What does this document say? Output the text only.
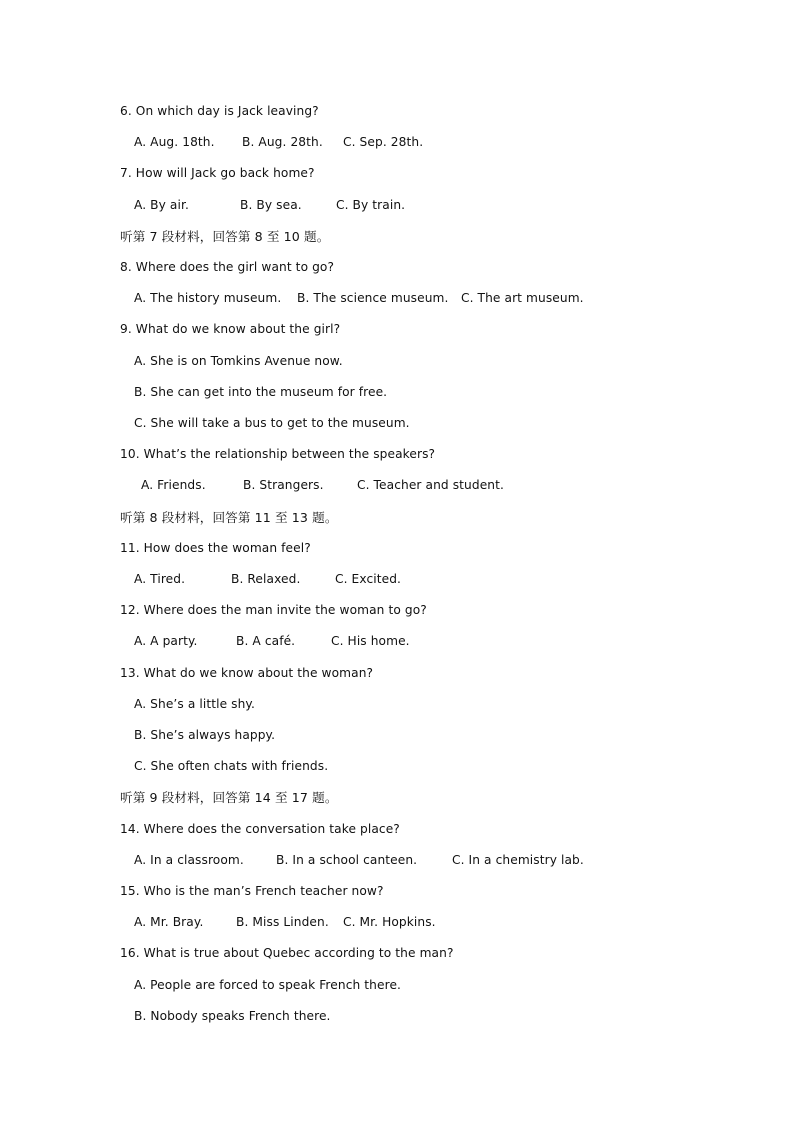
6. On which day is Jack leaving?
A. Aug. 18th. B. Aug. 28th. C. Sep. 28th.
7. How will Jack go back home?
A. By air.	B. By sea.	C. By train.
听第 7 段材料，回答第 8 至 10 题。
8. Where does the girl want to go?
A. The history museum. B. The science museum. C. The art museum.
9. What do we know about the girl?
A. She is on Tomkins Avenue now.
B. She can get into the museum for free.
C. She will take a bus to get to the museum.
10. What’s the relationship between the speakers?
A. Friends.	B. Strangers.	C. Teacher and student.
听第 8 段材料，回答第 11 至 13 题。
11. How does the woman feel?
A. Tired.	B. Relaxed.	C. Excited.
12. Where does the man invite the woman to go?
A. A party.	B. A café.	C. His home.
13. What do we know about the woman?
A. She’s a little shy.
B. She’s always happy.
C. She often chats with friends.
听第 9 段材料，回答第 14 至 17 题。
14. Where does the conversation take place?
A. In a classroom.	B. In a school canteen.	C. In a chemistry lab.
15. Who is the man’s French teacher now?
A. Mr. Bray.	B. Miss Linden. C. Mr. Hopkins.
16. What is true about Quebec according to the man?
A. People are forced to speak French there.
B. Nobody speaks French there.
